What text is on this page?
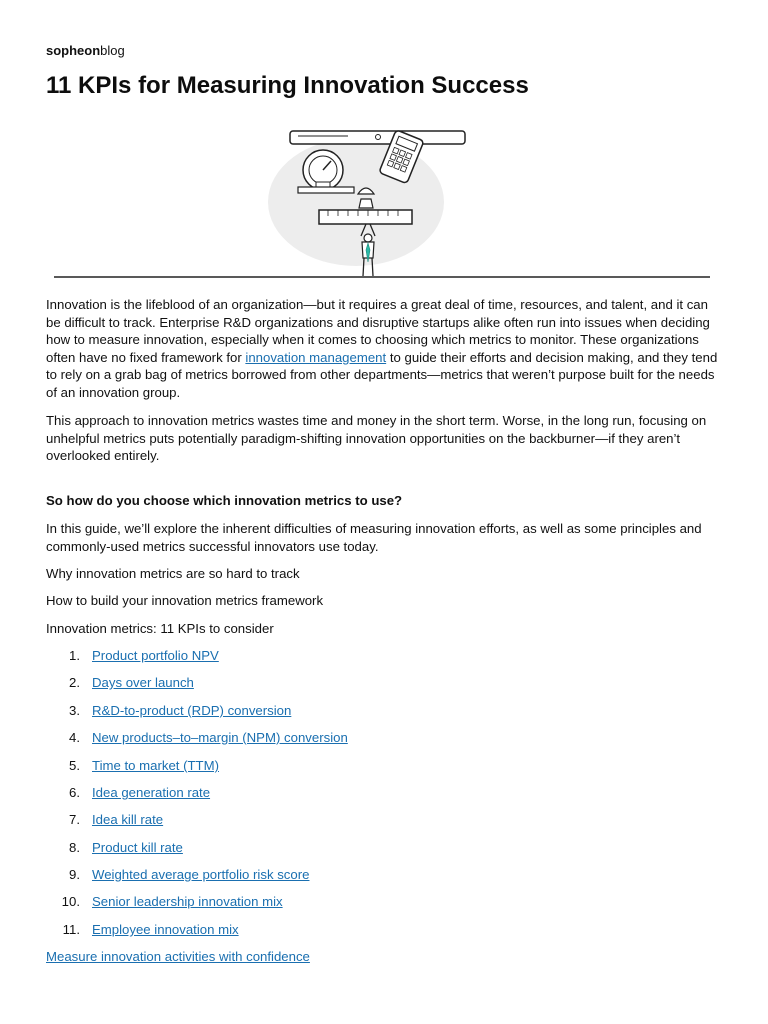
sopheonblog
11 KPIs for Measuring Innovation Success

Innovation is the lifeblood of an organization—but it requires a great deal of time, resources, and talent, and it can be difficult to track. Enterprise R&D organizations and disruptive startups alike often run into issues when deciding how to measure innovation, especially when it comes to choosing which metrics to monitor. These organizations often have no fixed framework for innovation management to guide their efforts and decision making, and they tend to rely on a grab bag of metrics borrowed from other departments—metrics that weren’t purpose built for the needs of an innovation group.

This approach to innovation metrics wastes time and money in the short term. Worse, in the long run, focusing on unhelpful metrics puts potentially paradigm-shifting innovation opportunities on the backburner—if they aren’t overlooked entirely.

So how do you choose which innovation metrics to use?

In this guide, we’ll explore the inherent difficulties of measuring innovation efforts, as well as some principles and commonly-used metrics successful innovators use today.

Why innovation metrics are so hard to track

How to build your innovation metrics framework

Innovation metrics: 11 KPIs to consider

1. Product portfolio NPV
2. Days over launch
3. R&D-to-product (RDP) conversion
4. New products–to–margin (NPM) conversion
5. Time to market (TTM)
6. Idea generation rate
7. Idea kill rate
8. Product kill rate
9. Weighted average portfolio risk score
10. Senior leadership innovation mix
11. Employee innovation mix
Measure innovation activities with confidence
